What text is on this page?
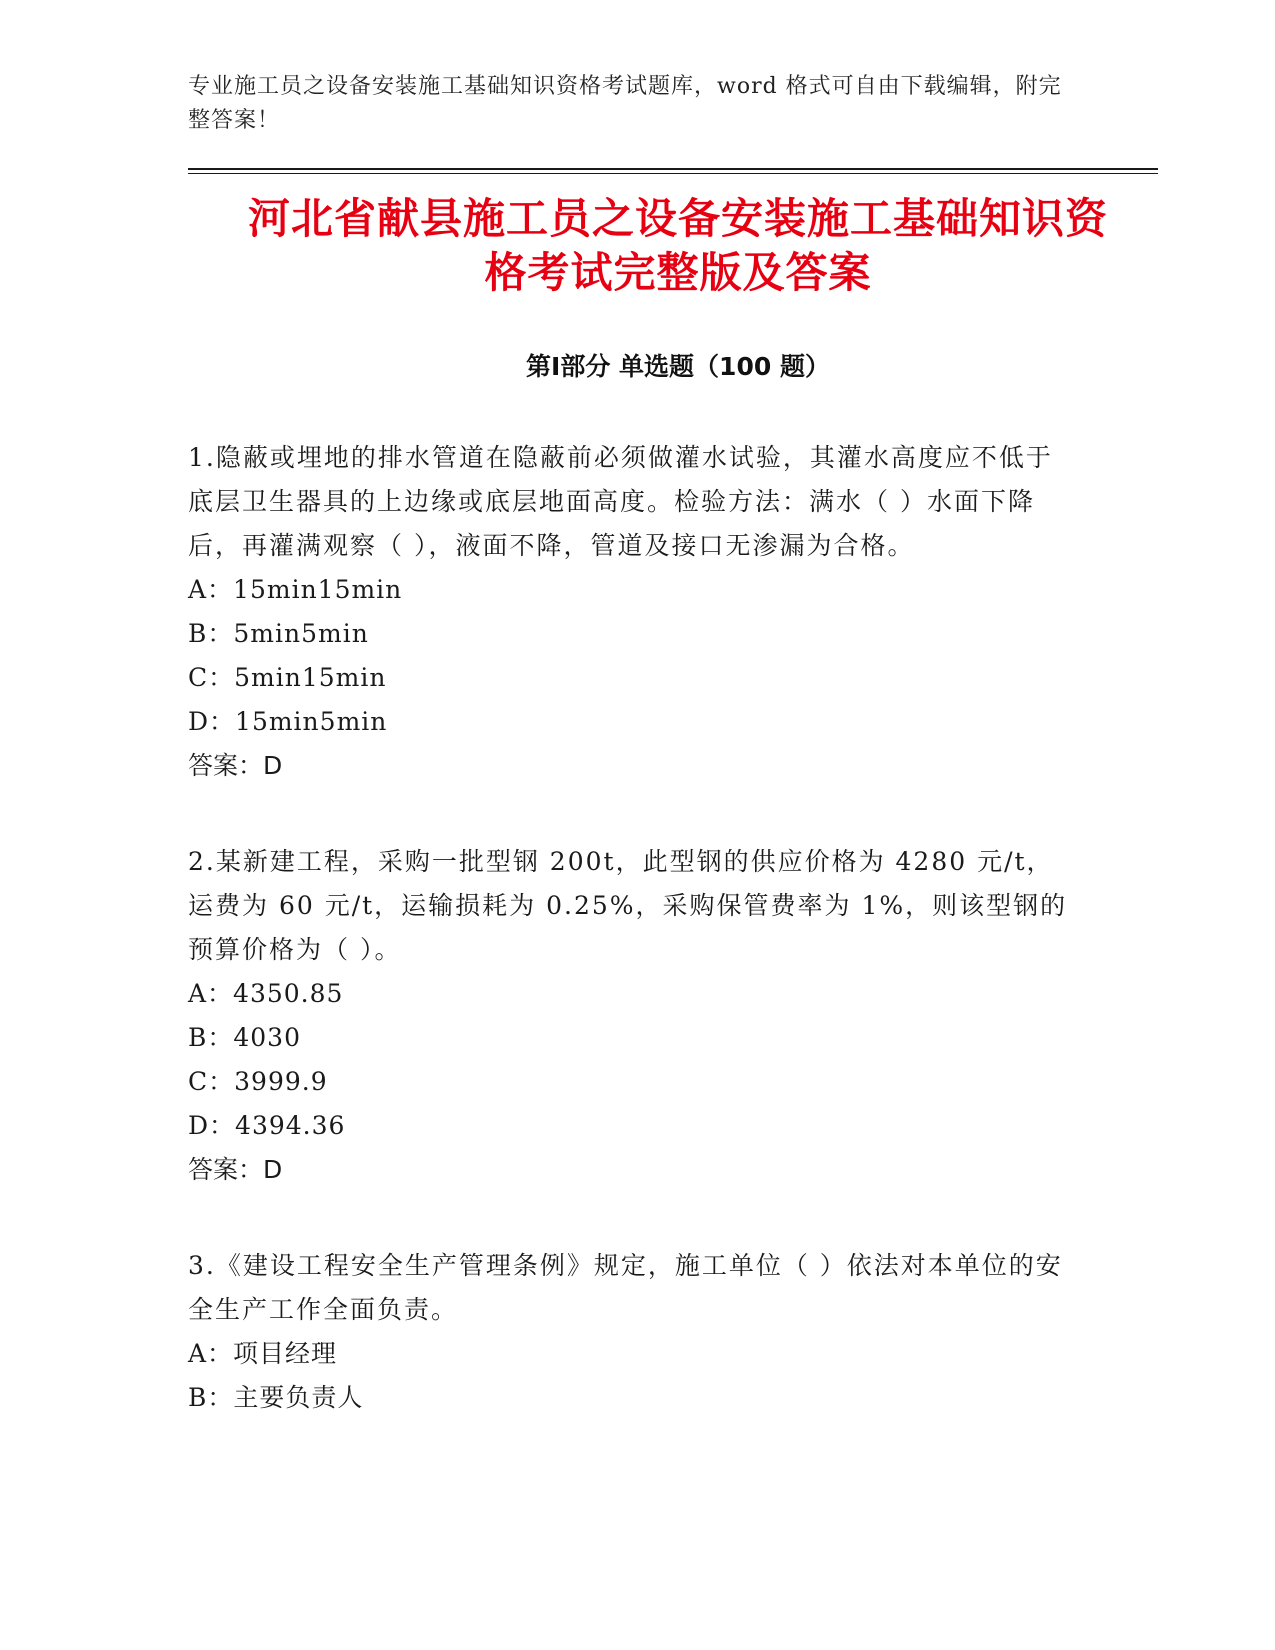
专业施工员之设备安装施工基础知识资格考试题库，word 格式可自由下载编辑，附完整答案！

河北省献县施工员之设备安装施工基础知识资格考试完整版及答案
第Ⅰ部分 单选题（100 题）

1.隐蔽或埋地的排水管道在隐蔽前必须做灌水试验，其灌水高度应不低于底层卫生器具的上边缘或底层地面高度。检验方法：满水（ ）水面下降后，再灌满观察（ ），液面不降，管道及接口无渗漏为合格。

A：15min15min

B：5min5min

C：5min15min

D：15min5min

答案：D

2.某新建工程，采购一批型钢 200t，此型钢的供应价格为 4280 元/t，运费为 60 元/t，运输损耗为 0.25%，采购保管费率为 1%，则该型钢的预算价格为（ ）。

A：4350.85

B：4030

C：3999.9

D：4394.36

答案：D

3.《建设工程安全生产管理条例》规定，施工单位（ ）依法对本单位的安全生产工作全面负责。

A：项目经理

B：主要负责人
